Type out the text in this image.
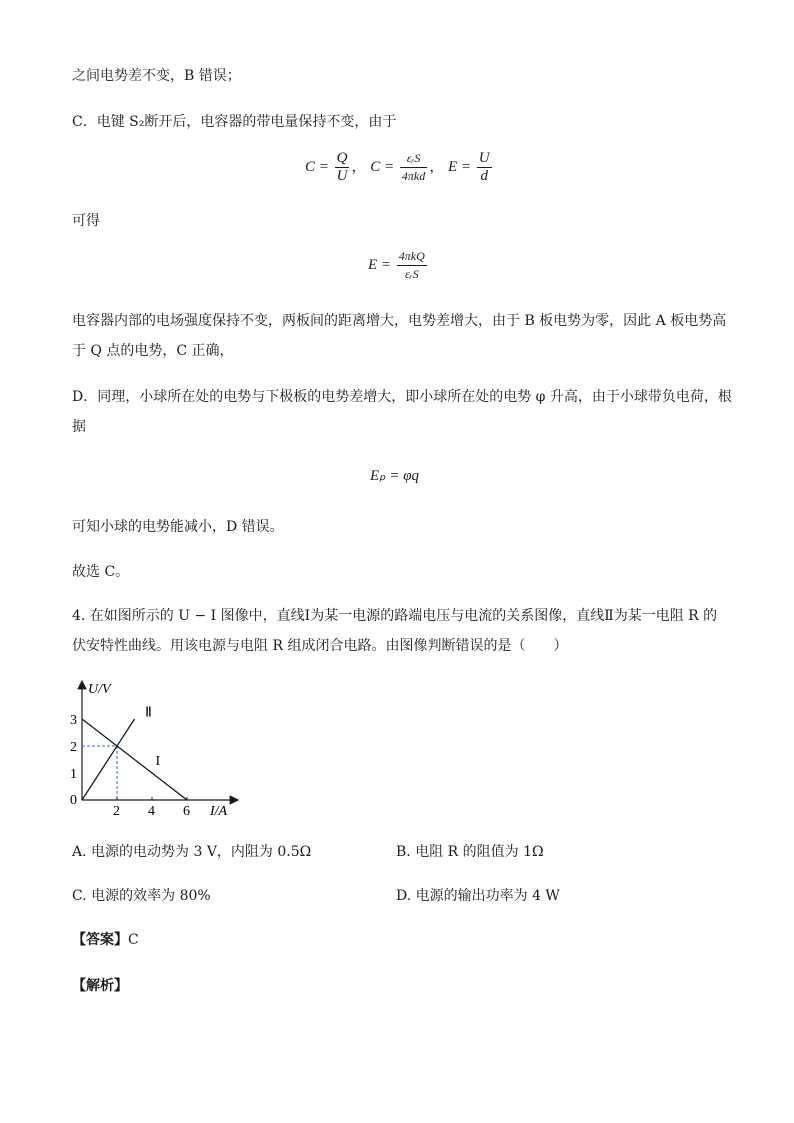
之间电势差不变，B 错误；
C．电键 S₂断开后，电容器的带电量保持不变，由于
$C = \frac{Q}{U}$ ， $C = \frac{\text{εᵣS}}{\text{4πkd}}$ ， $E = \frac{U}{d}$
可得
$E = \frac{\text{4πkQ}}{\text{εᵣS}}$
电容器内部的电场强度保持不变，两板间的距离增大，电势差增大，由于 B 板电势为零，因此 A 板电势高
于 Q 点的电势，C 正确，
D．同理，小球所在处的电势与下极板的电势差增大，即小球所在处的电势 φ 升高，由于小球带负电荷，根
据
Eₚ = φq
可知小球的电势能减小，D 错误。
故选 C。
4. 在如图所示的 U − I 图像中，直线Ⅰ为某一电源的路端电压与电流的关系图像，直线Ⅱ为某一电阻 R 的
伏安特性曲线。用该电源与电阻 R 组成闭合电路。由图像判断错误的是（　　）
3
2
1
2 4 6
I
Ⅱ
U/V
I/A
0
A. 电源的电动势为 3 V，内阻为 0.5Ω	B. 电阻 R 的阻值为 1Ω
C. 电源的效率为 80%	D. 电源的输出功率为 4 W
【答案】C
【解析】
